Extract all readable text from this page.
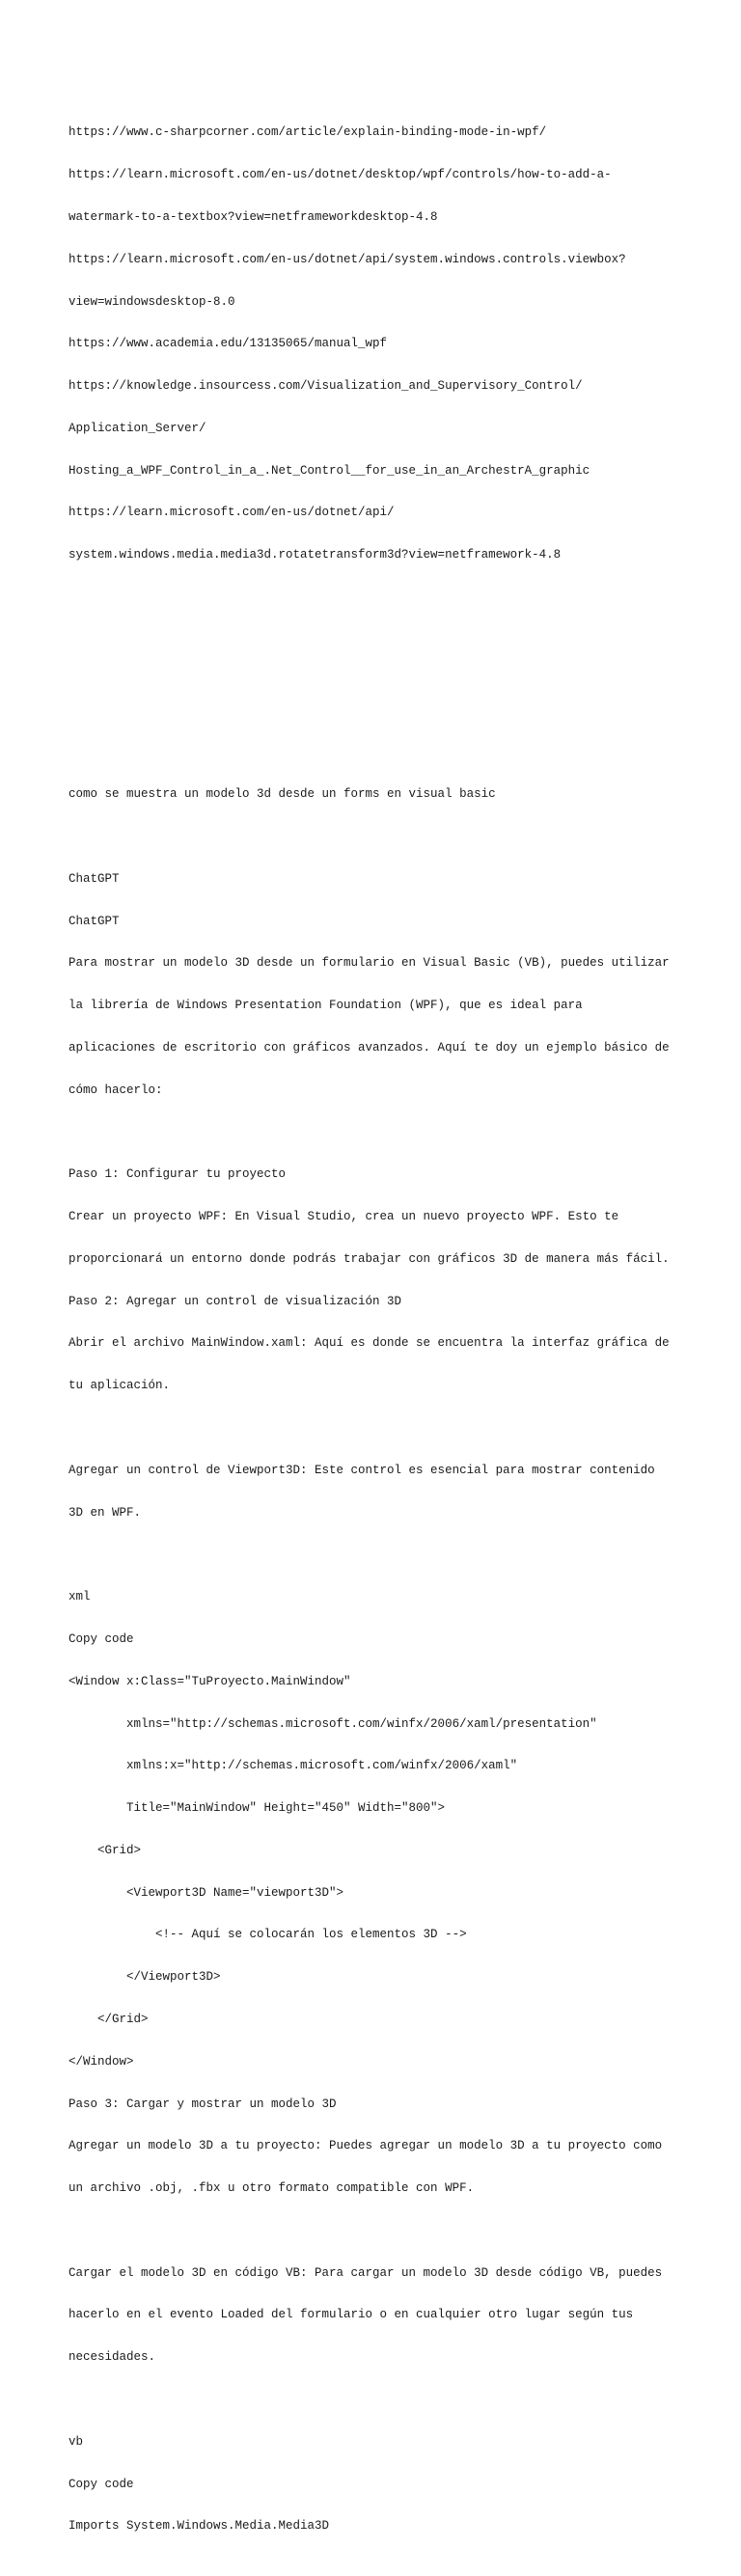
https://www.c-sharpcorner.com/article/explain-binding-mode-in-wpf/

https://learn.microsoft.com/en-us/dotnet/desktop/wpf/controls/how-to-add-a-

watermark-to-a-textbox?view=netframeworkdesktop-4.8

https://learn.microsoft.com/en-us/dotnet/api/system.windows.controls.viewbox?

view=windowsdesktop-8.0

https://www.academia.edu/13135065/manual_wpf

https://knowledge.insourcess.com/Visualization_and_Supervisory_Control/

Application_Server/

Hosting_a_WPF_Control_in_a_.Net_Control__for_use_in_an_ArchestrA_graphic

https://learn.microsoft.com/en-us/dotnet/api/

system.windows.media.media3d.rotatetransform3d?view=netframework-4.8

como se muestra un modelo 3d desde un forms en visual basic

ChatGPT

ChatGPT

Para mostrar un modelo 3D desde un formulario en Visual Basic (VB), puedes utilizar

la librería de Windows Presentation Foundation (WPF), que es ideal para

aplicaciones de escritorio con gráficos avanzados. Aquí te doy un ejemplo básico de

cómo hacerlo:

Paso 1: Configurar tu proyecto

Crear un proyecto WPF: En Visual Studio, crea un nuevo proyecto WPF. Esto te

proporcionará un entorno donde podrás trabajar con gráficos 3D de manera más fácil.

Paso 2: Agregar un control de visualización 3D

Abrir el archivo MainWindow.xaml: Aquí es donde se encuentra la interfaz gráfica de

tu aplicación.

Agregar un control de Viewport3D: Este control es esencial para mostrar contenido

3D en WPF.

xml

Copy code

<Window x:Class="TuProyecto.MainWindow"

xmlns="http://schemas.microsoft.com/winfx/2006/xaml/presentation"

xmlns:x="http://schemas.microsoft.com/winfx/2006/xaml"

Title="MainWindow" Height="450" Width="800">

<Grid>

<Viewport3D Name="viewport3D">

<!-- Aquí se colocarán los elementos 3D -->

</Viewport3D>

</Grid>

</Window>

Paso 3: Cargar y mostrar un modelo 3D

Agregar un modelo 3D a tu proyecto: Puedes agregar un modelo 3D a tu proyecto como

un archivo .obj, .fbx u otro formato compatible con WPF.

Cargar el modelo 3D en código VB: Para cargar un modelo 3D desde código VB, puedes

hacerlo en el evento Loaded del formulario o en cualquier otro lugar según tus

necesidades.

vb

Copy code

Imports System.Windows.Media.Media3D
